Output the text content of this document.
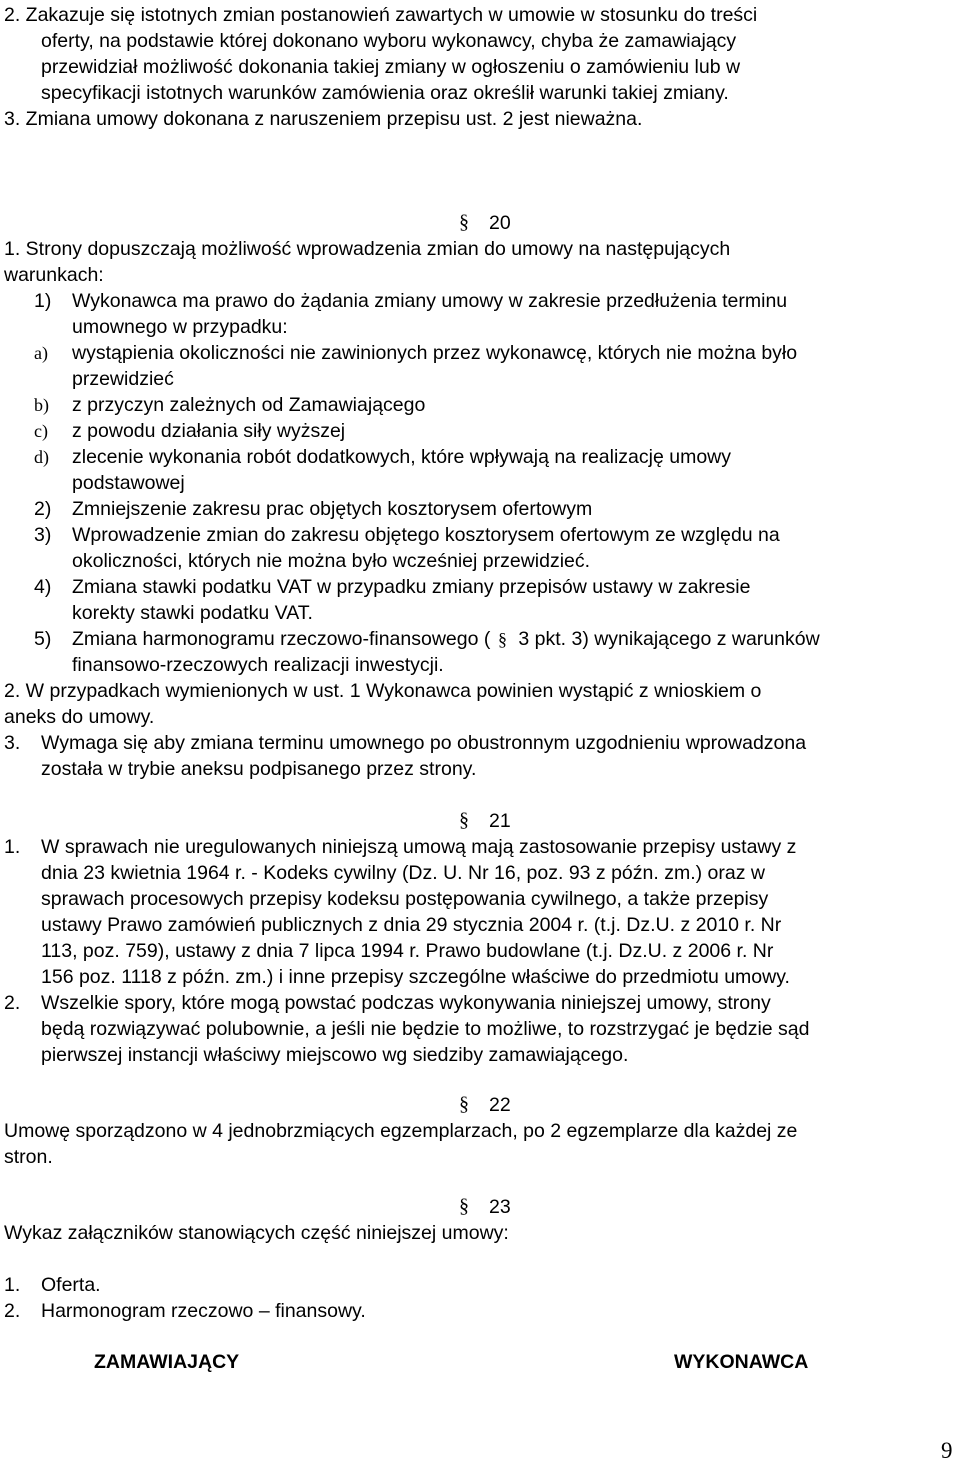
2. Zakazuje się istotnych zmian postanowień zawartych w umowie w stosunku do treści
oferty, na podstawie której dokonano wyboru wykonawcy, chyba że zamawiający
przewidział możliwość dokonania takiej zmiany w ogłoszeniu o zamówieniu lub w
specyfikacji istotnych warunków zamówienia oraz określił warunki takiej zmiany.
3. Zmiana umowy dokonana z naruszeniem przepisu ust. 2 jest nieważna.
§ 20
1. Strony dopuszczają możliwość wprowadzenia zmian do umowy na następujących
warunkach:
1) Wykonawca ma prawo do żądania zmiany umowy w zakresie przedłużenia terminu
umownego w przypadku:
a) wystąpienia okoliczności nie zawinionych przez wykonawcę, których nie można było
przewidzieć
b) z przyczyn zależnych od Zamawiającego
c) z powodu działania siły wyższej
d) zlecenie wykonania robót dodatkowych, które wpływają na realizację umowy
podstawowej
2) Zmniejszenie zakresu prac objętych kosztorysem ofertowym
3) Wprowadzenie zmian do zakresu objętego kosztorysem ofertowym ze względu na
okoliczności, których nie można było wcześniej przewidzieć.
4) Zmiana stawki podatku VAT w przypadku zmiany przepisów ustawy w zakresie
korekty stawki podatku VAT.
5) Zmiana harmonogramu rzeczowo-finansowego ( § 3 pkt. 3) wynikającego z warunków
finansowo-rzeczowych realizacji inwestycji.
2. W przypadkach wymienionych w ust. 1 Wykonawca powinien wystąpić z wnioskiem o
aneks do umowy.
3. Wymaga się aby zmiana terminu umownego po obustronnym uzgodnieniu wprowadzona
została w trybie aneksu podpisanego przez strony.
§ 21
1. W sprawach nie uregulowanych niniejszą umową mają zastosowanie przepisy ustawy z
dnia 23 kwietnia 1964 r. - Kodeks cywilny (Dz. U. Nr 16, poz. 93 z późn. zm.) oraz w
sprawach procesowych przepisy kodeksu postępowania cywilnego, a także przepisy
ustawy Prawo zamówień publicznych z dnia 29 stycznia 2004 r. (t.j. Dz.U. z 2010 r. Nr
113, poz. 759), ustawy z dnia 7 lipca 1994 r. Prawo budowlane (t.j. Dz.U. z 2006 r. Nr
156 poz. 1118 z późn. zm.) i inne przepisy szczególne właściwe do przedmiotu umowy.
2. Wszelkie spory, które mogą powstać podczas wykonywania niniejszej umowy, strony
będą rozwiązywać polubownie, a jeśli nie będzie to możliwe, to rozstrzygać je będzie sąd
pierwszej instancji właściwy miejscowo wg siedziby zamawiającego.
§ 22
Umowę sporządzono w 4 jednobrzmiących egzemplarzach, po 2 egzemplarze dla każdej ze
stron.
§ 23
Wykaz załączników stanowiących część niniejszej umowy:
1. Oferta.
2. Harmonogram rzeczowo – finansowy.
ZAMAWIAJĄCY	WYKONAWCA
9
